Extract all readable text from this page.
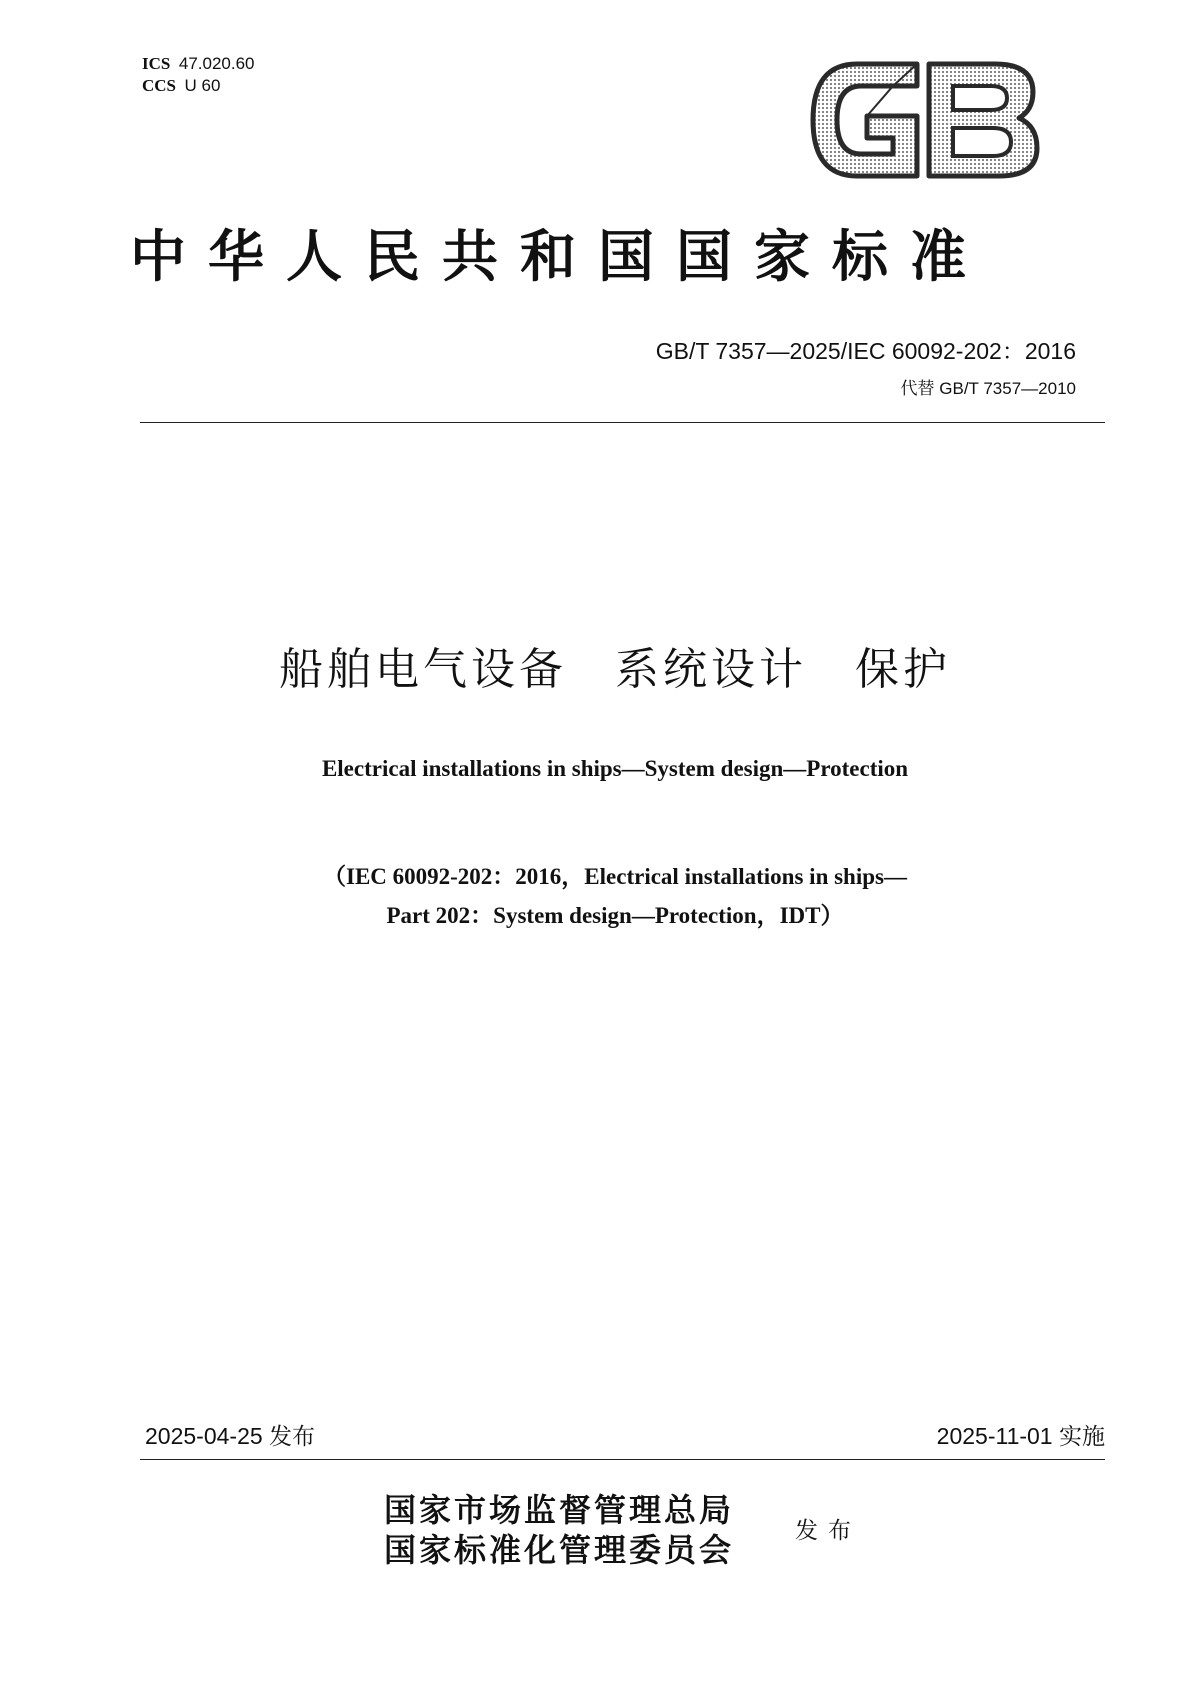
ICS 47.020.60
CCS U 60
中华人民共和国国家标准
GB/T 7357—2025/IEC 60092-202：2016
代替 GB/T 7357—2010
船舶电气设备　系统设计　保护
Electrical installations in ships—System design—Protection
（IEC 60092-202：2016，Electrical installations in ships—
Part 202：System design—Protection，IDT）
2025-04-25 发布	2025-11-01 实施
国家市场监督管理总局
国家标准化管理委员会	发布
